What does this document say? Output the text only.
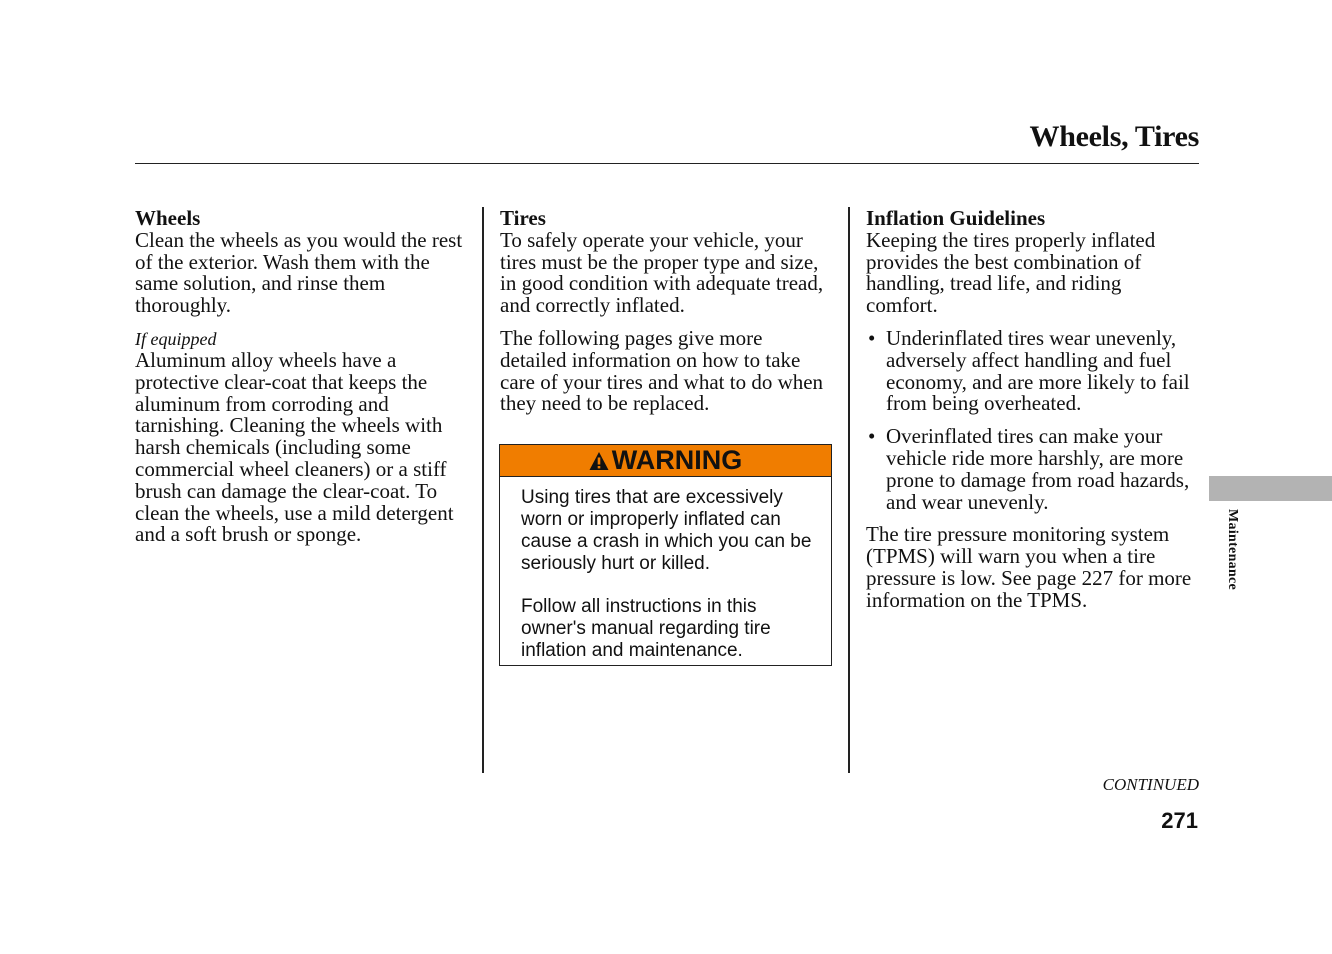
Wheels, Tires

Wheels

Clean the wheels as you would the rest of the exterior. Wash them with the same solution, and rinse them thoroughly.

If equipped

Aluminum alloy wheels have a protective clear-coat that keeps the aluminum from corroding and tarnishing. Cleaning the wheels with harsh chemicals (including some commercial wheel cleaners) or a stiff brush can damage the clear-coat. To clean the wheels, use a mild detergent and a soft brush or sponge.

Tires

To safely operate your vehicle, your tires must be the proper type and size, in good condition with adequate tread, and correctly inflated.

The following pages give more detailed information on how to take care of your tires and what to do when they need to be replaced.

WARNING

Using tires that are excessively worn or improperly inflated can cause a crash in which you can be seriously hurt or killed.

Follow all instructions in this owner's manual regarding tire inflation and maintenance.

Inflation Guidelines

Keeping the tires properly inflated provides the best combination of handling, tread life, and riding comfort.

• Underinflated tires wear unevenly, adversely affect handling and fuel economy, and are more likely to fail from being overheated.
• Overinflated tires can make your vehicle ride more harshly, are more prone to damage from road hazards, and wear unevenly.

The tire pressure monitoring system (TPMS) will warn you when a tire pressure is low. See page 227 for more information on the TPMS.

Maintenance
CONTINUED
271
